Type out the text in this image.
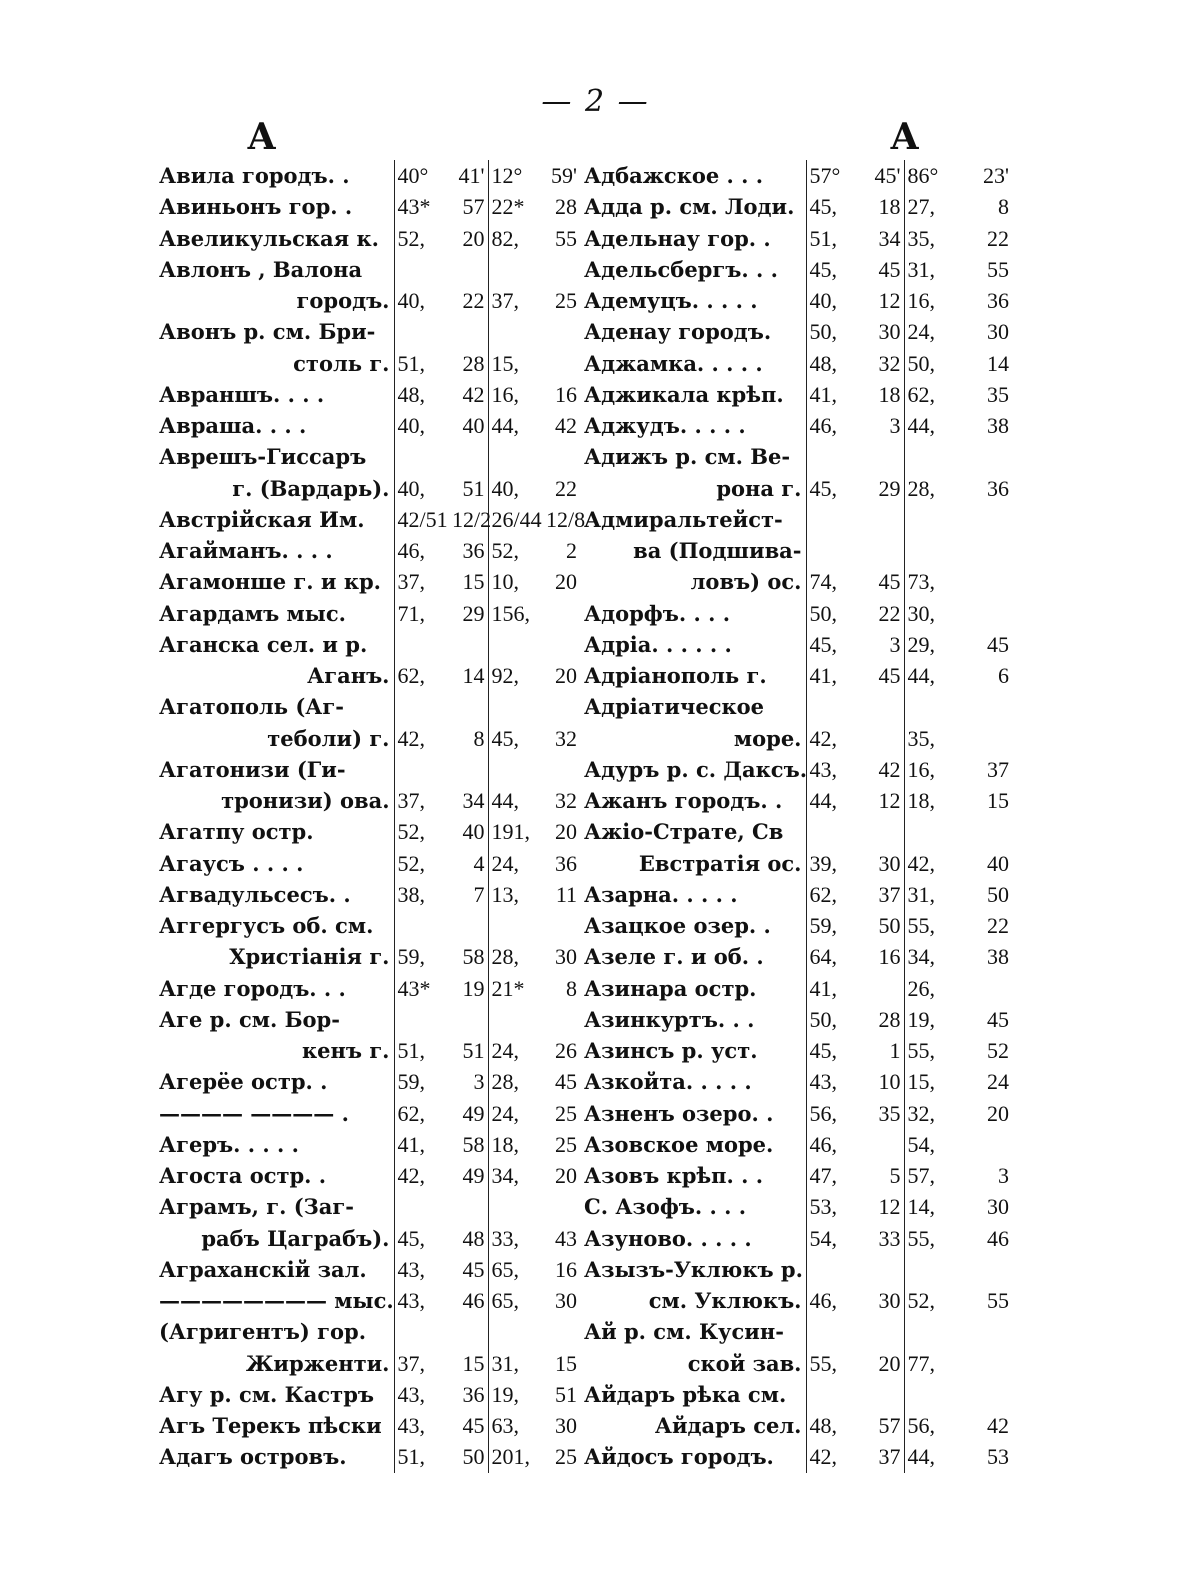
— 2 —
А	А
Авила городъ. .	40°	41'	12°	59'
Авиньонъ гор. .	43*	57	22*	28
Авеликульская к.	52,	20	82,	55
Авлонъ , Валона				
городъ.	40,	22	37,	25
Авонъ р. см. Бри-				
столь г.	51,	28	15,	
Авраншъ. . . .	48,	42	16,	16
Авраша. . . .	40,	40	44,	42
Аврешъ-Гиссаръ				
г. (Вардарь).	40,	51	40,	22
Австрійская Им.	42/51	12/2	26/44	12/8
Агайманъ. . . .	46,	36	52,	2
Агамонше г. и кр.	37,	15	10,	20
Агардамъ мыс.	71,	29	156,	
Аганска сел. и р.				
Аганъ.	62,	14	92,	20
Агатополь (Аг-				
теболи) г.	42,	8	45,	32
Агатонизи (Ги-				
тронизи) ова.	37,	34	44,	32
Агатпу остр.	52,	40	191,	20
Агаусъ . . . .	52,	4	24,	36
Агвадульсесъ. .	38,	7	13,	11
Аггергусъ об. см.				
Христіанія г.	59,	58	28,	30
Агде городъ. . .	43*	19	21*	8
Аге р. см. Бор-				
кенъ г.	51,	51	24,	26
Агерёе остр. .	59,	3	28,	45
———— ———— .	62,	49	24,	25
Агеръ. . . . .	41,	58	18,	25
Агоста остр. .	42,	49	34,	20
Аграмъ, г. (Заг-				
рабъ Цаграбъ).	45,	48	33,	43
Аграханскій зал.	43,	45	65,	16
———————— мыс.	43,	46	65,	30
(Агригентъ) гор.				
Жирженти.	37,	15	31,	15
Агу р. см. Кастръ	43,	36	19,	51
Агъ Терекъ пѣски	43,	45	63,	30
Адагъ островъ.	51,	50	201,	25
Адбажское . . .	57°	45'	86°	23'
Адда р. см. Лоди.	45,	18	27,	8
Адельнау гор. .	51,	34	35,	22
Адельсбергъ. . .	45,	45	31,	55
Адемуцъ. . . . .	40,	12	16,	36
Аденау городъ.	50,	30	24,	30
Аджамка. . . . .	48,	32	50,	14
Аджикала крѣп.	41,	18	62,	35
Аджудъ. . . . .	46,	3	44,	38
Адижъ р. см. Ве-				
рона г.	45,	29	28,	36
Адмиральтейст-				
ва (Подшива-				
ловъ) ос.	74,	45	73,	
Адорфъ. . . .	50,	22	30,	
Адріа. . . . . .	45,	3	29,	45
Адріанополь г.	41,	45	44,	6
Адріатическое				
море.	42,		35,	
Адуръ р. с. Даксъ.	43,	42	16,	37
Ажанъ городъ. .	44,	12	18,	15
Ажіо-Страте, Св				
Евстратія ос.	39,	30	42,	40
Азарна. . . . .	62,	37	31,	50
Азацкое озер. .	59,	50	55,	22
Азеле г. и об. .	64,	16	34,	38
Азинара остр.	41,		26,	
Азинкуртъ. . .	50,	28	19,	45
Азинсъ р. уст.	45,	1	55,	52
Азкойта. . . . .	43,	10	15,	24
Азненъ озеро. .	56,	35	32,	20
Азовское море.	46,		54,	
Азовъ крѣп. . .	47,	5	57,	3
С. Азофъ. . . .	53,	12	14,	30
Азуново. . . . .	54,	33	55,	46
Азызъ-Уклюкъ р.				
см. Уклюкъ.	46,	30	52,	55
Ай р. см. Кусин-				
ской зав.	55,	20	77,	
Айдаръ рѣка см.				
Айдаръ сел.	48,	57	56,	42
Айдосъ городъ.	42,	37	44,	53
